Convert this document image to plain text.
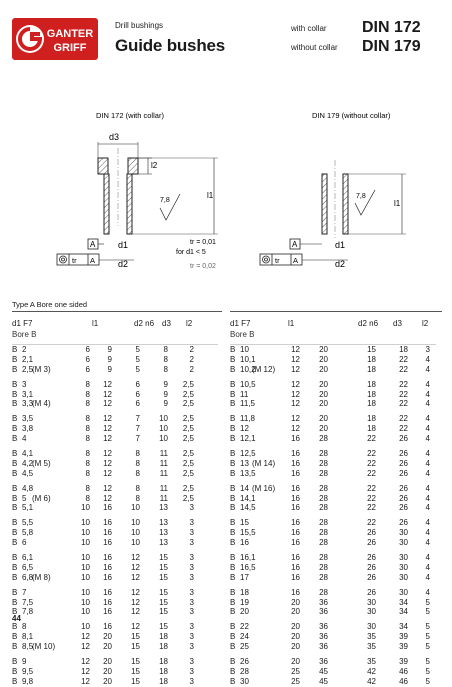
GANTER
GRIFF
Drill bushings
Guide bushes
with collar
without collar
DIN 172
DIN 179
DIN 172 (with collar)	DIN 179 (without collar)
d3
l2
l1
7,8
A
tr A
d1
d2
tr = 0,01
for d1 < 5
tr = 0,02
7,8
l1
A
tr A
d1
d2
Type A Bore one sided
d1 F7	l1	d2 n6 d3 l2
Bore B
B 2	6	9	5	8	2
B 2,1	6	9	5	8	2
B 2,5
(M 3)	6	9	5	8	2
B 3	8	12	6	9	2,5
B 3,1	8	12	6	9	2,5
B 3,3
(M 4)	8	12	6	9	2,5
B 3,5	8	12	7	10	2,5
B 3,8	8	12	7	10	2,5
B 4	8	12	7	10	2,5
B 4,1	8	12	8	11	2,5
B 4,2
(M 5)	8	12	8	11	2,5
B 4,5	8	12	8	11	2,5
B 4,8	8	12	8	11	2,5
B 5 (M 6)	8	12	8	11	2,5
B 5,1	10	16	10	13	3
B 5,5	10	16	10	13	3
B 5,8	10	16	10	13	3
B 6	10	16	10	13	3
B 6,1	10	16	12	15	3
B 6,5	10	16	12	15	3
B 6,8
(M 8)	10	16	12	15	3
B 7	10	16	12	15	3
B 7,5	10	16	12	15	3
B 7,8	10	16	12	15	3
B 8	10	16	12	15	3
B 8,1	12	20	15	18	3
B 8,5
(M 10)	12	20	15	18	3
B 9	12	20	15	18	3
B 9,5	12	20	15	18	3
B 9,8	12	20	15	18	3
d1 F7	l1	d2 n6 d3	l2
Bore B
B 10	12	20	15	18	3
B 10,1	12	20	18	22	4
B 10,2
(M 12)	12	20	18	22	4
B 10,5	12	20	18	22	4
B 11	12	20	18	22	4
B 11,5	12	20	18	22	4
B 11,8	12	20	18	22	4
B 12	12	20	18	22	4
B 12,1	16	28	22	26	4
B 12,5	16	28	22	26	4
B 13 (M 14)	16	28	22	26	4
B 13,5	16	28	22	26	4
B 14 (M 16)	16	28	22	26	4
B 14,1	16	28	22	26	4
B 14,5	16	28	22	26	4
B 15	16	28	22	26	4
B 15,5	16	28	26	30	4
B 16	16	28	26	30	4
B 16,1	16	28	26	30	4
B 16,5	16	28	26	30	4
B 17	16	28	26	30	4
B 18	16	28	26	30	4
B 19	20	36	30	34	5
B 20	20	36	30	34	5
B 22	20	36	30	34	5
B 24	20	36	35	39	5
B 25	20	36	35	39	5
B 26	20	36	35	39	5
B 28	25	45	42	46	5
B 30	25	45	42	46	5
44
